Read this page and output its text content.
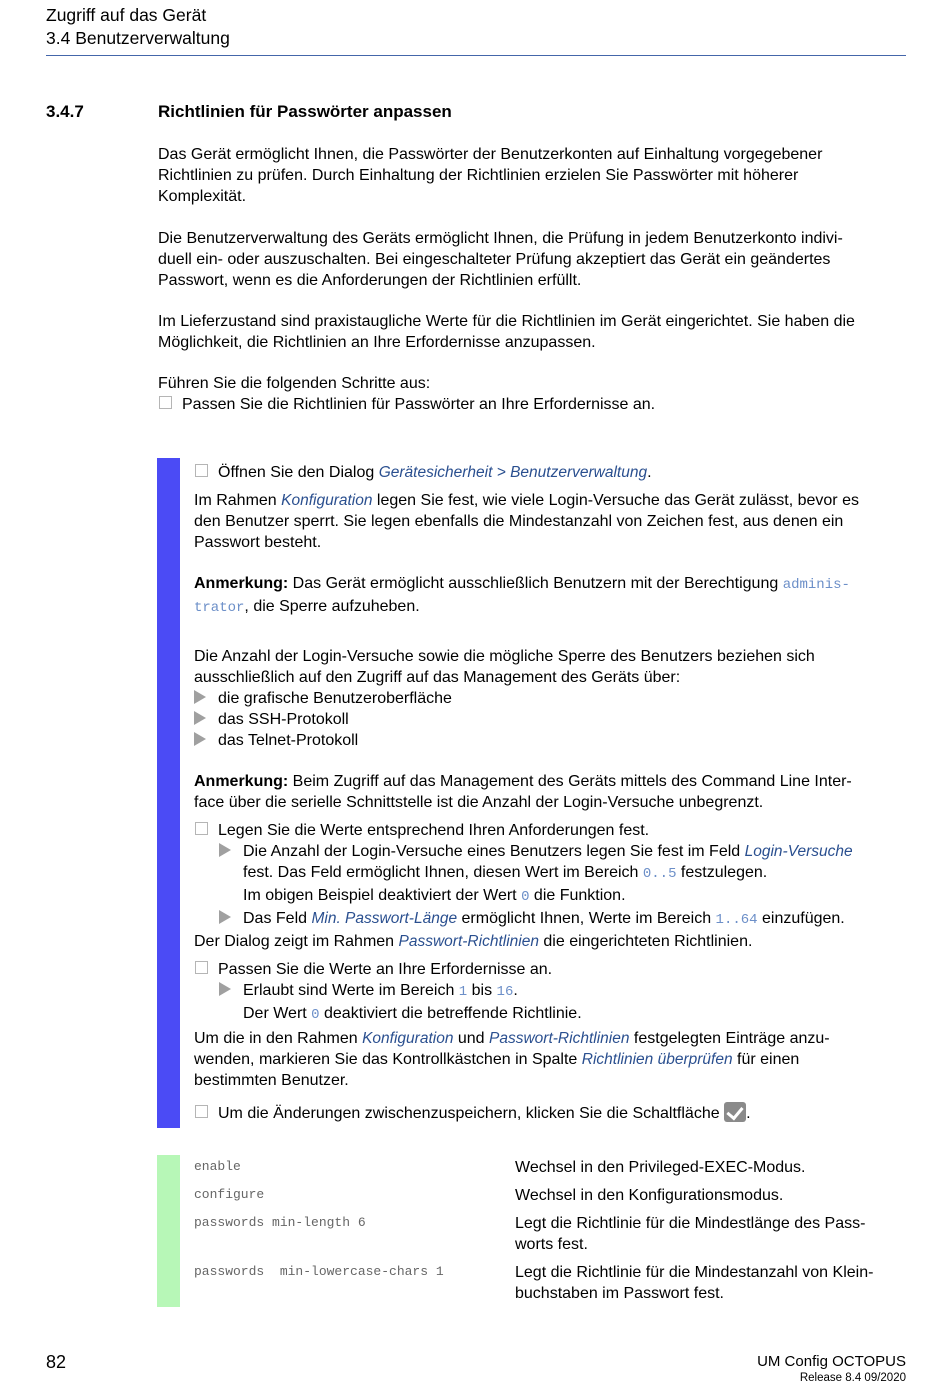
Zugriff auf das Gerät
3.4 Benutzerverwaltung
3.4.7	Richtlinien für Passwörter anpassen
Das Gerät ermöglicht Ihnen, die Passwörter der Benutzerkonten auf Einhaltung vorgegebener
Richtlinien zu prüfen. Durch Einhaltung der Richtlinien erzielen Sie Passwörter mit höherer
Komplexität.
Die Benutzerverwaltung des Geräts ermöglicht Ihnen, die Prüfung in jedem Benutzerkonto indivi-
duell ein- oder auszuschalten. Bei eingeschalteter Prüfung akzeptiert das Gerät ein geändertes
Passwort, wenn es die Anforderungen der Richtlinien erfüllt.
Im Lieferzustand sind praxistaugliche Werte für die Richtlinien im Gerät eingerichtet. Sie haben die
Möglichkeit, die Richtlinien an Ihre Erfordernisse anzupassen.
Führen Sie die folgenden Schritte aus:
Passen Sie die Richtlinien für Passwörter an Ihre Erfordernisse an.
Öffnen Sie den Dialog Gerätesicherheit > Benutzerverwaltung.
Im Rahmen Konfiguration legen Sie fest, wie viele Login-Versuche das Gerät zulässt, bevor es
den Benutzer sperrt. Sie legen ebenfalls die Mindestanzahl von Zeichen fest, aus denen ein
Passwort besteht.
Anmerkung: Das Gerät ermöglicht ausschließlich Benutzern mit der Berechtigung adminis-
trator, die Sperre aufzuheben.
Die Anzahl der Login-Versuche sowie die mögliche Sperre des Benutzers beziehen sich
ausschließlich auf den Zugriff auf das Management des Geräts über:
die grafische Benutzeroberfläche
das SSH-Protokoll
das Telnet-Protokoll
Anmerkung: Beim Zugriff auf das Management des Geräts mittels des Command Line Inter-
face über die serielle Schnittstelle ist die Anzahl der Login-Versuche unbegrenzt.
Legen Sie die Werte entsprechend Ihren Anforderungen fest.
Die Anzahl der Login-Versuche eines Benutzers legen Sie fest im Feld Login-Versuche
fest. Das Feld ermöglicht Ihnen, diesen Wert im Bereich 0..5 festzulegen.
Im obigen Beispiel deaktiviert der Wert 0 die Funktion.
Das Feld Min. Passwort-Länge ermöglicht Ihnen, Werte im Bereich 1..64 einzufügen.
Der Dialog zeigt im Rahmen Passwort-Richtlinien die eingerichteten Richtlinien.
Passen Sie die Werte an Ihre Erfordernisse an.
Erlaubt sind Werte im Bereich 1 bis 16.
Der Wert 0 deaktiviert die betreffende Richtlinie.
Um die in den Rahmen Konfiguration und Passwort-Richtlinien festgelegten Einträge anzu-
wenden, markieren Sie das Kontrollkästchen in Spalte Richtlinien überprüfen für einen
bestimmten Benutzer.
Um die Änderungen zwischenzuspeichern, klicken Sie die Schaltfläche .
enable	Wechsel in den Privileged-EXEC-Modus.
configure	Wechsel in den Konfigurationsmodus.
passwords min-length 6	Legt die Richtlinie für die Mindestlänge des Pass-
worts fest.
passwords  min-lowercase-chars 1	Legt die Richtlinie für die Mindestanzahl von Klein-
buchstaben im Passwort fest.
82	UM Config OCTOPUS
Release 8.4 09/2020
